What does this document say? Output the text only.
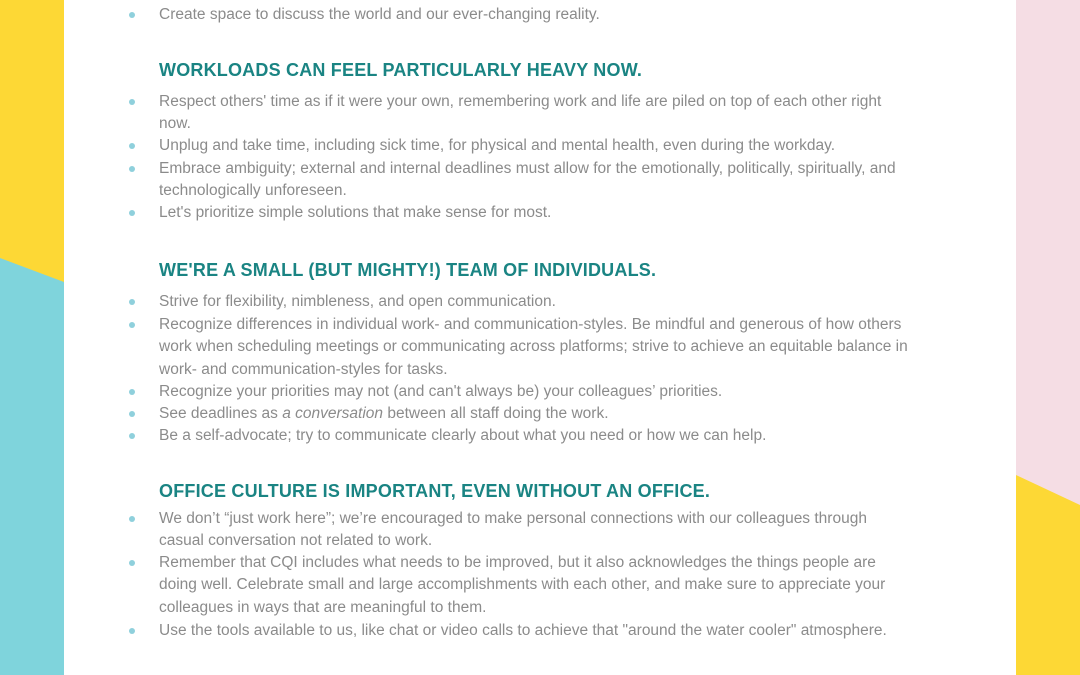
Create space to discuss the world and our ever-changing reality.

WORKLOADS CAN FEEL PARTICULARLY HEAVY NOW.

Respect others' time as if it were your own, remembering work and life are piled on top of each other right
now.

Unplug and take time, including sick time, for physical and mental health, even during the workday.

Embrace ambiguity; external and internal deadlines must allow for the emotionally, politically, spiritually, and
technologically unforeseen.

Let's prioritize simple solutions that make sense for most.

WE'RE A SMALL (BUT MIGHTY!) TEAM OF INDIVIDUALS.

Strive for flexibility, nimbleness, and open communication.

Recognize differences in individual work- and communication-styles. Be mindful and generous of how others
work when scheduling meetings or communicating across platforms; strive to achieve an equitable balance in
work- and communication-styles for tasks.

Recognize your priorities may not (and can't always be) your colleagues’ priorities.

See deadlines as a conversation between all staff doing the work.

Be a self-advocate; try to communicate clearly about what you need or how we can help.

OFFICE CULTURE IS IMPORTANT, EVEN WITHOUT AN OFFICE.

We don’t “just work here”; we’re encouraged to make personal connections with our colleagues through
casual conversation not related to work.

Remember that CQI includes what needs to be improved, but it also acknowledges the things people are
doing well. Celebrate small and large accomplishments with each other, and make sure to appreciate your
colleagues in ways that are meaningful to them.

Use the tools available to us, like chat or video calls to achieve that "around the water cooler" atmosphere.
